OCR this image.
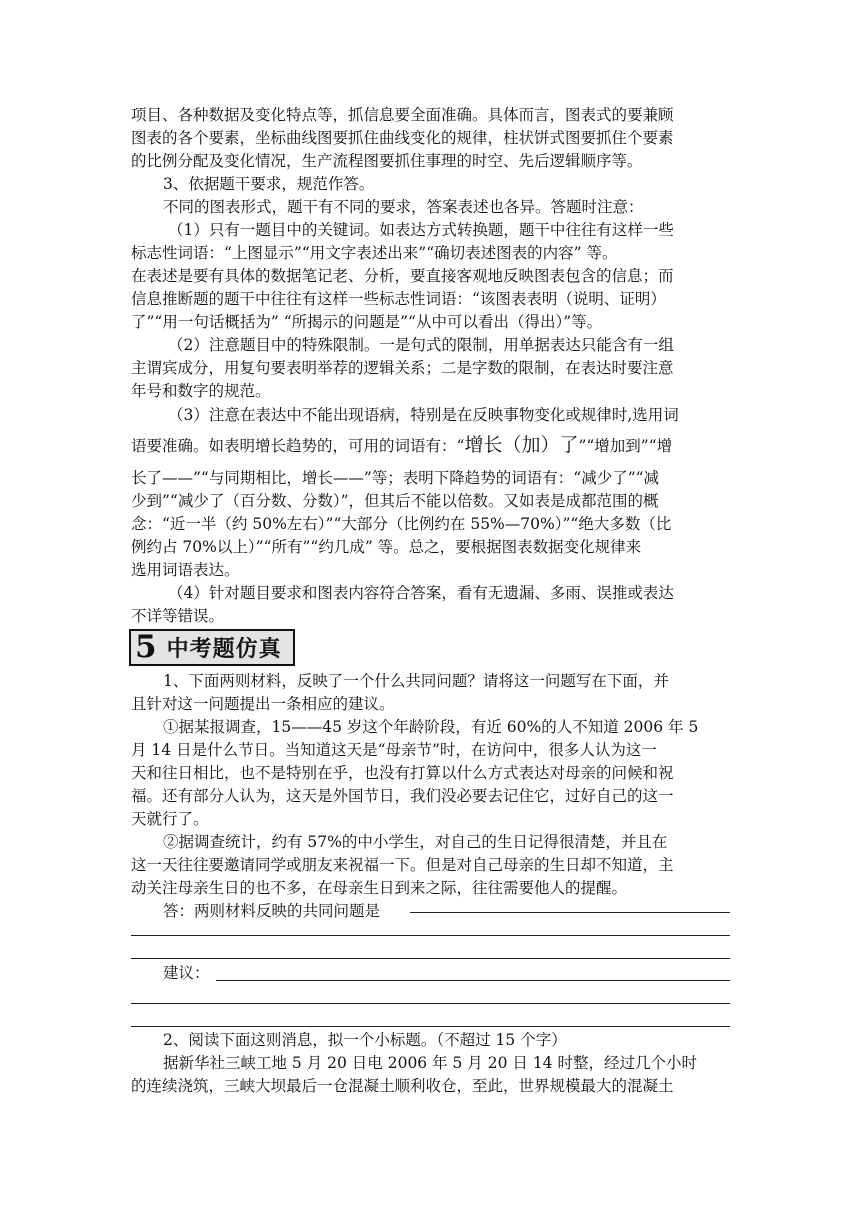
项目、各种数据及变化特点等，抓信息要全面准确。具体而言，图表式的要兼顾
图表的各个要素，坐标曲线图要抓住曲线变化的规律，柱状饼式图要抓住个要素
的比例分配及变化情况，生产流程图要抓住事理的时空、先后逻辑顺序等。
3、依据题干要求，规范作答。
不同的图表形式，题干有不同的要求，答案表述也各异。答题时注意：
（1）只有一题目中的关键词。如表达方式转换题，题干中往往有这样一些
标志性词语：“上图显示”“用文字表述出来”“确切表述图表的内容” 等。
在表述是要有具体的数据笔记老、分析，要直接客观地反映图表包含的信息；而
信息推断题的题干中往往有这样一些标志性词语：“该图表表明（说明、证明）
了”“用一句话概括为” “所揭示的问题是”“从中可以看出（得出）”等。
（2）注意题目中的特殊限制。一是句式的限制，用单据表达只能含有一组
主谓宾成分，用复句要表明举荐的逻辑关系；二是字数的限制，在表达时要注意
年号和数字的规范。
（3）注意在表达中不能出现语病，特别是在反映事物变化或规律时,选用词
语要准确。如表明增长趋势的，可用的词语有：“增长（加）了”“增加到”“增
长了——”“与同期相比，增长——”等；表明下降趋势的词语有：“减少了”“减
少到”“减少了（百分数、分数）”，但其后不能以倍数。又如表是成都范围的概
念：“近一半（约 50%左右）”“大部分（比例约在 55%—70%）”“绝大多数（比
例约占 70%以上）”“所有”“约几成” 等。总之，要根据图表数据变化规律来
选用词语表达。
（4）针对题目要求和图表内容符合答案，看有无遗漏、多雨、误推或表达
不详等错误。
5 中考题仿真
1、下面两则材料，反映了一个什么共同问题？请将这一问题写在下面，并
且针对这一问题提出一条相应的建议。
①据某报调查，15——45 岁这个年龄阶段，有近 60%的人不知道 2006 年 5
月 14 日是什么节日。当知道这天是“母亲节”时，在访问中，很多人认为这一
天和往日相比，也不是特别在乎，也没有打算以什么方式表达对母亲的问候和祝
福。还有部分人认为，这天是外国节日，我们没必要去记住它，过好自己的这一
天就行了。
②据调查统计，约有 57%的中小学生，对自己的生日记得很清楚，并且在
这一天往往要邀请同学或朋友来祝福一下。但是对自己母亲的生日却不知道，主
动关注母亲生日的也不多，在母亲生日到来之际，往往需要他人的提醒。
答：两则材料反映的共同问题是
建议：
2、阅读下面这则消息，拟一个小标题。（不超过 15 个字）
据新华社三峡工地 5 月 20 日电 2006 年 5 月 20 日 14 时整，经过几个小时
的连续浇筑，三峡大坝最后一仓混凝土顺利收仓，至此，世界规模最大的混凝土
